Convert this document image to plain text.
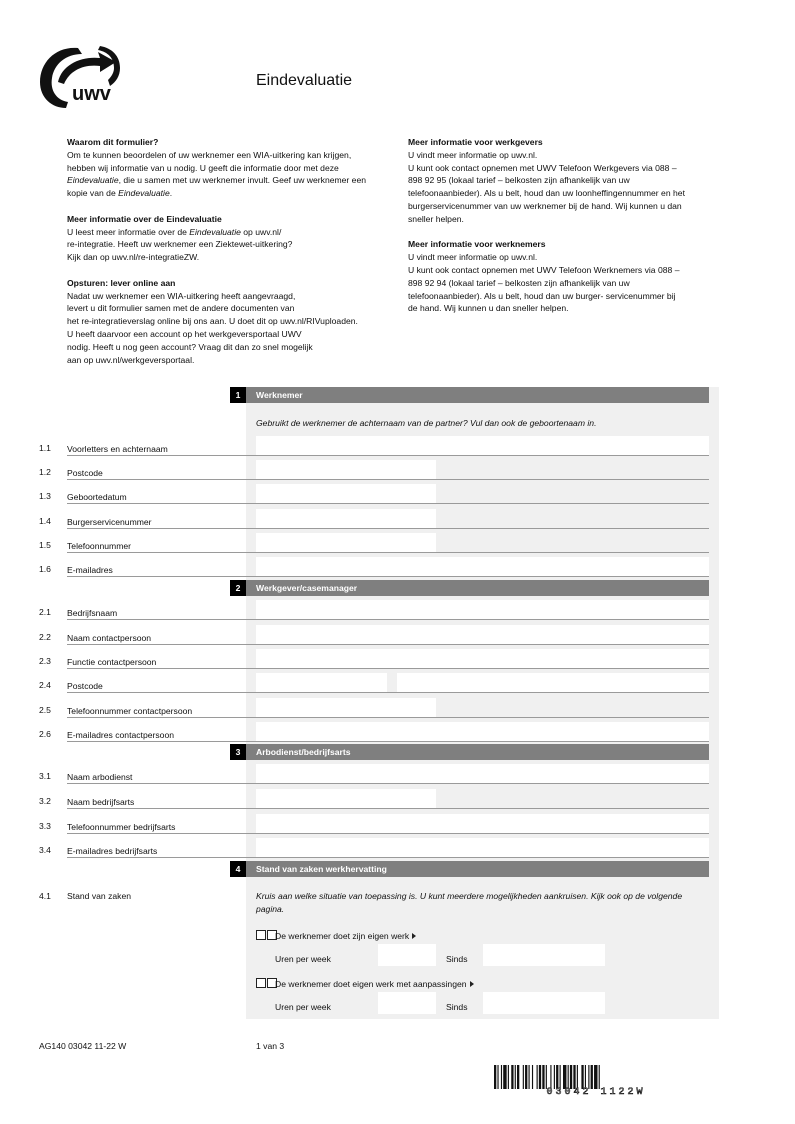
uwv
Eindevaluatie
Waarom dit formulier?

Om te kunnen beoordelen of uw werknemer een WIA-uitkering kan krijgen,
hebben wij informatie van u nodig. U geeft die informatie door met deze
Eindevaluatie, die u samen met uw werknemer invult. Geef uw werknemer een
kopie van de Eindevaluatie.

Meer informatie over de Eindevaluatie

U leest meer informatie over de Eindevaluatie op uwv.nl/
re-integratie. Heeft uw werknemer een Ziektewet-uitkering?
Kijk dan op uwv.nl/re-integratieZW.

Opsturen: lever online aan

Nadat uw werknemer een WIA-uitkering heeft aangevraagd,
levert u dit formulier samen met de andere documenten van
het re-integratieverslag online bij ons aan. U doet dit op uwv.nl/RIVuploaden.
U heeft daarvoor een account op het werkgeversportaal UWV
nodig. Heeft u nog geen account? Vraag dit dan zo snel mogelijk
aan op uwv.nl/werkgeversportaal.

Meer informatie voor werkgevers

U vindt meer informatie op uwv.nl.
U kunt ook contact opnemen met UWV Telefoon Werkgevers via 088 –
898 92 95 (lokaal tarief – belkosten zijn afhankelijk van uw
telefoonaanbieder). Als u belt, houd dan uw loonheffingennummer en het
burgerservicenummer van uw werknemer bij de hand. Wij kunnen u dan
sneller helpen.

Meer informatie voor werknemers

U vindt meer informatie op uwv.nl.
U kunt ook contact opnemen met UWV Telefoon Werknemers via 088 –
898 92 94 (lokaal tarief – belkosten zijn afhankelijk van uw
telefoonaanbieder). Als u belt, houd dan uw burger- servicenummer bij
de hand. Wij kunnen u dan sneller helpen.

1	Werknemer
Gebruikt de werknemer de achternaam van de partner? Vul dan ook de geboortenaam in.
1.1 Voorletters en achternaam
1.2 Postcode
1.3 Geboortedatum
1.4 Burgerservicenummer
1.5 Telefoonnummer
1.6 E-mailadres
2	Werkgever/casemanager
2.1 Bedrijfsnaam
2.2 Naam contactpersoon
2.3 Functie contactpersoon
2.4 Postcode
2.5 Telefoonnummer contactpersoon
2.6 E-mailadres contactpersoon
3	Arbodienst/bedrijfsarts
3.1 Naam arbodienst
3.2 Naam bedrijfsarts
3.3 Telefoonnummer bedrijfsarts
3.4 E-mailadres bedrijfsarts
4	Stand van zaken werkhervatting
4.1 Stand van zaken	Kruis aan welke situatie van toepassing is. U kunt meerdere mogelijkheden aankruisen. Kijk ook op de volgende pagina.
De werknemer doet zijn eigen werk
Uren per week	Sinds
De werknemer doet eigen werk met aanpassingen
Uren per week	Sinds
AG140 03042 11-22 W	1 van 3
03042 1122W
